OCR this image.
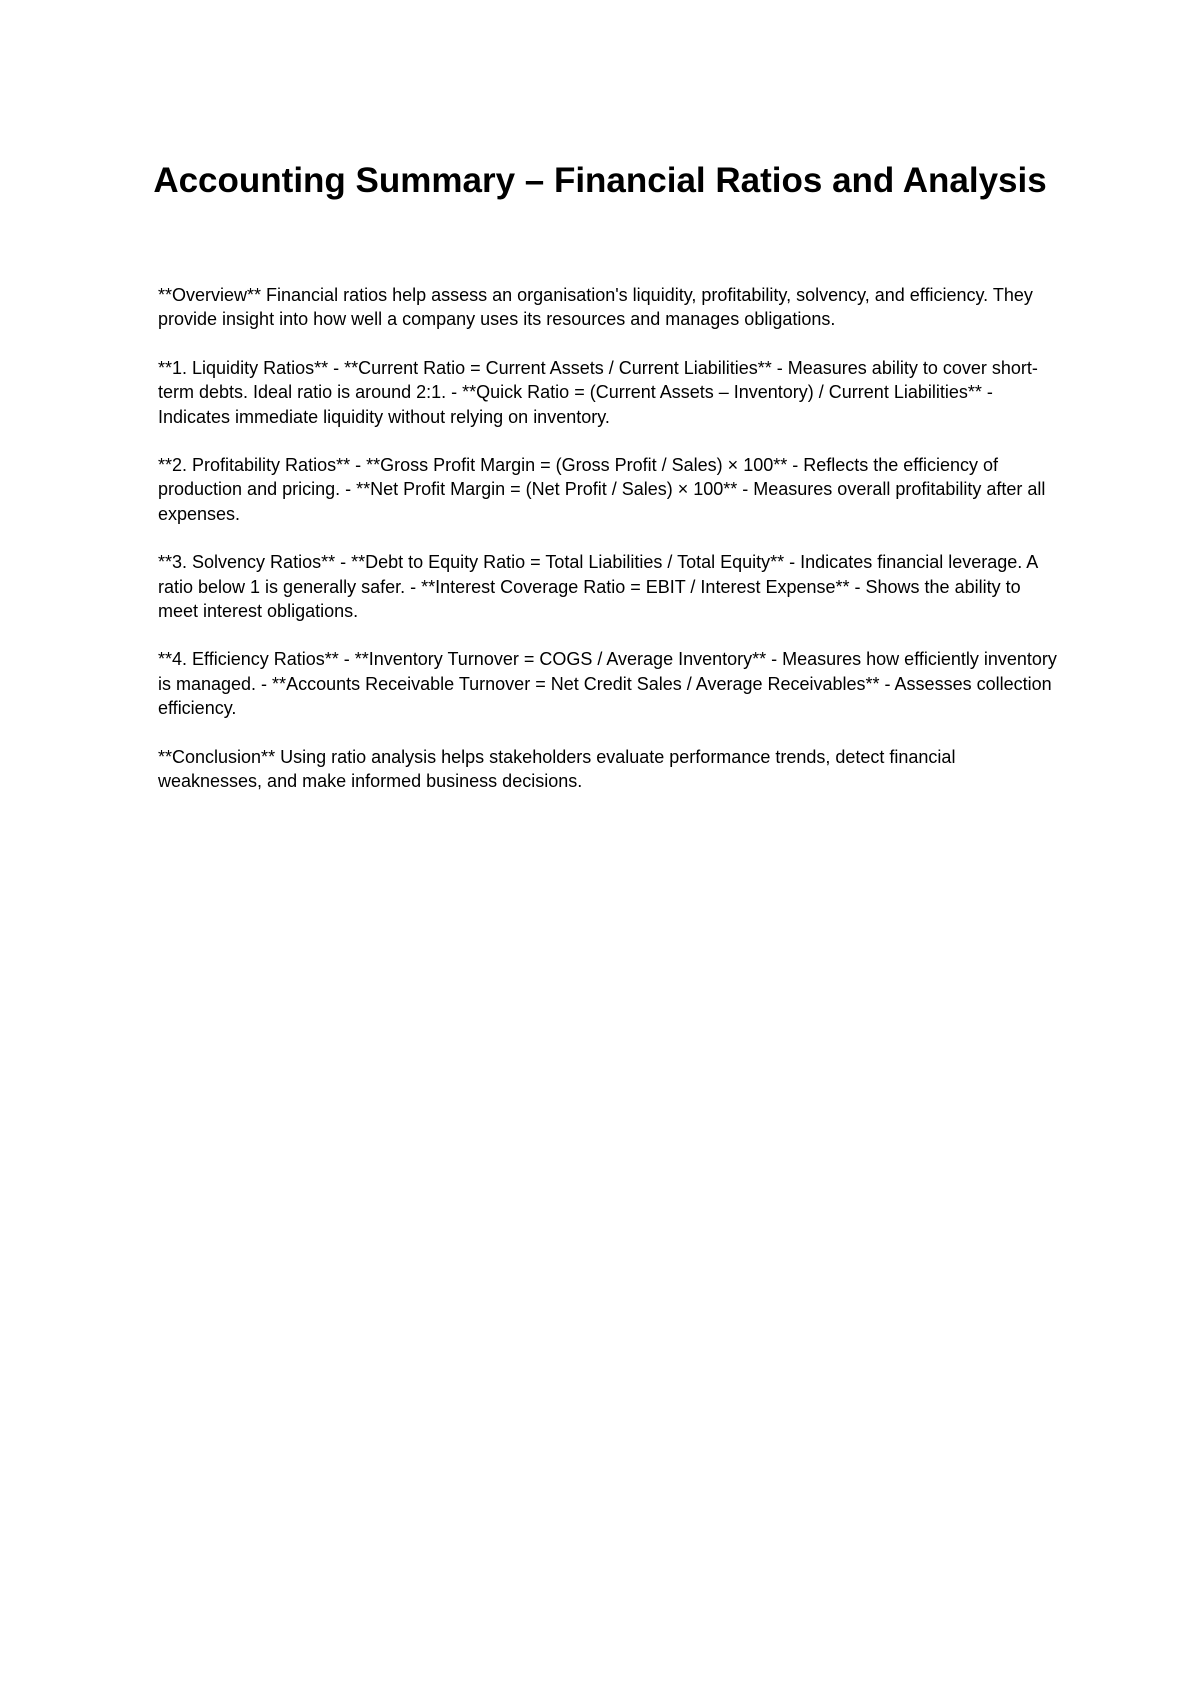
Accounting Summary – Financial Ratios and Analysis

**Overview** Financial ratios help assess an organisation's liquidity, profitability, solvency, and efficiency. They provide insight into how well a company uses its resources and manages obligations.

**1. Liquidity Ratios** - **Current Ratio = Current Assets / Current Liabilities** - Measures ability to cover short-term debts. Ideal ratio is around 2:1. - **Quick Ratio = (Current Assets – Inventory) / Current Liabilities** - Indicates immediate liquidity without relying on inventory.

**2. Profitability Ratios** - **Gross Profit Margin = (Gross Profit / Sales) × 100** - Reflects the efficiency of production and pricing. - **Net Profit Margin = (Net Profit / Sales) × 100** - Measures overall profitability after all expenses.

**3. Solvency Ratios** - **Debt to Equity Ratio = Total Liabilities / Total Equity** - Indicates financial leverage. A ratio below 1 is generally safer. - **Interest Coverage Ratio = EBIT / Interest Expense** - Shows the ability to meet interest obligations.

**4. Efficiency Ratios** - **Inventory Turnover = COGS / Average Inventory** - Measures how efficiently inventory is managed. - **Accounts Receivable Turnover = Net Credit Sales / Average Receivables** - Assesses collection efficiency.

**Conclusion** Using ratio analysis helps stakeholders evaluate performance trends, detect financial weaknesses, and make informed business decisions.
